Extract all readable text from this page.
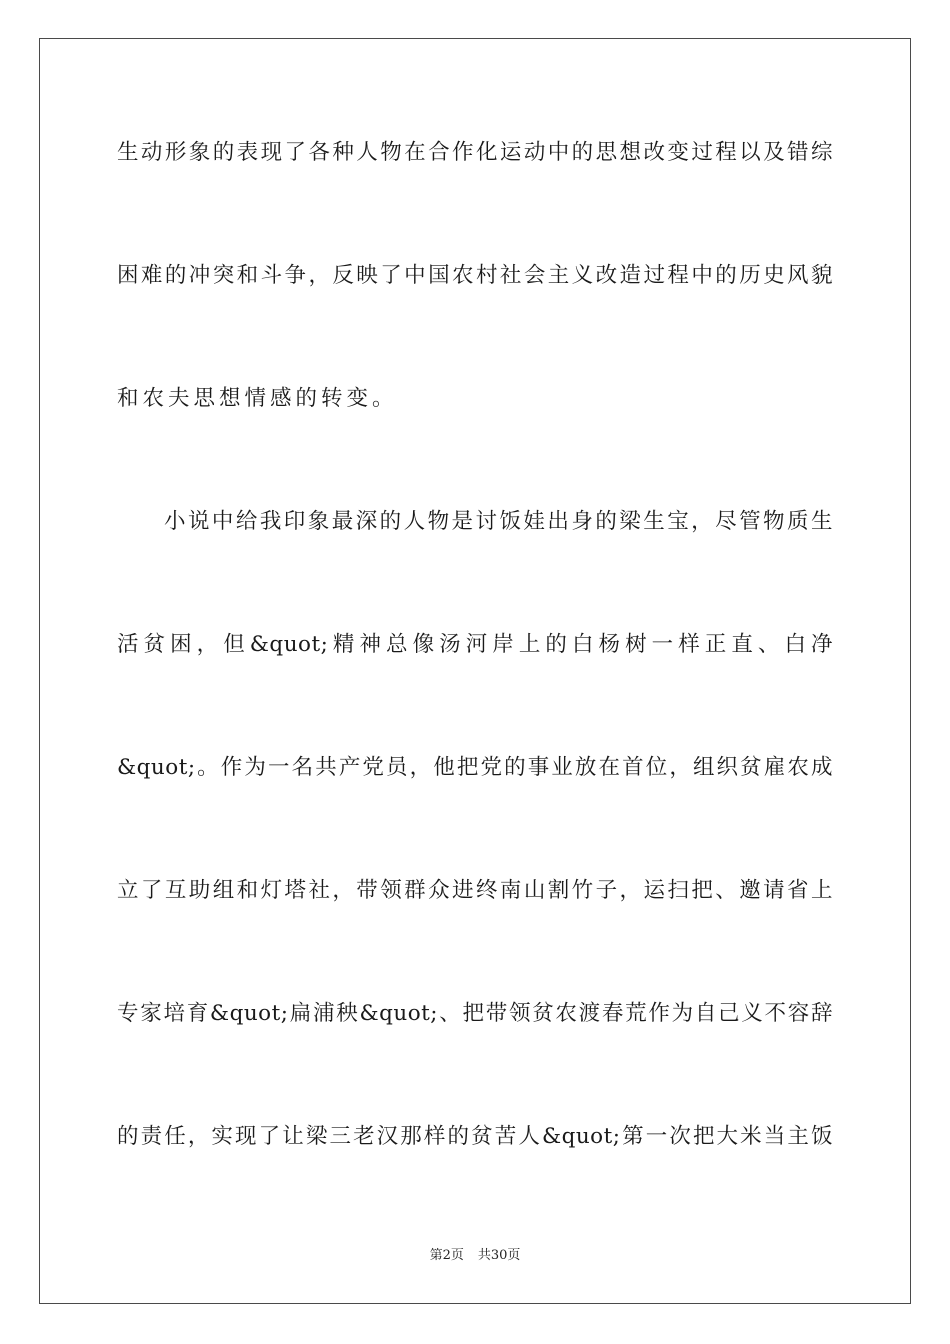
生动形象的表现了各种人物在合作化运动中的思想改变过程以及错综
困难的冲突和斗争，反映了中国农村社会主义改造过程中的历史风貌
和农夫思想情感的转变。
小说中给我印象最深的人物是讨饭娃出身的梁生宝，尽管物质生
活贫困，但&quot;精神总像汤河岸上的白杨树一样正直、白净
&quot;。作为一名共产党员，他把党的事业放在首位，组织贫雇农成
立了互助组和灯塔社，带领群众进终南山割竹子，运扫把、邀请省上
专家培育&quot;扁浦秧&quot;、把带领贫农渡春荒作为自己义不容辞
的责任，实现了让梁三老汉那样的贫苦人&quot;第一次把大米当主饭
第2页 共30页
